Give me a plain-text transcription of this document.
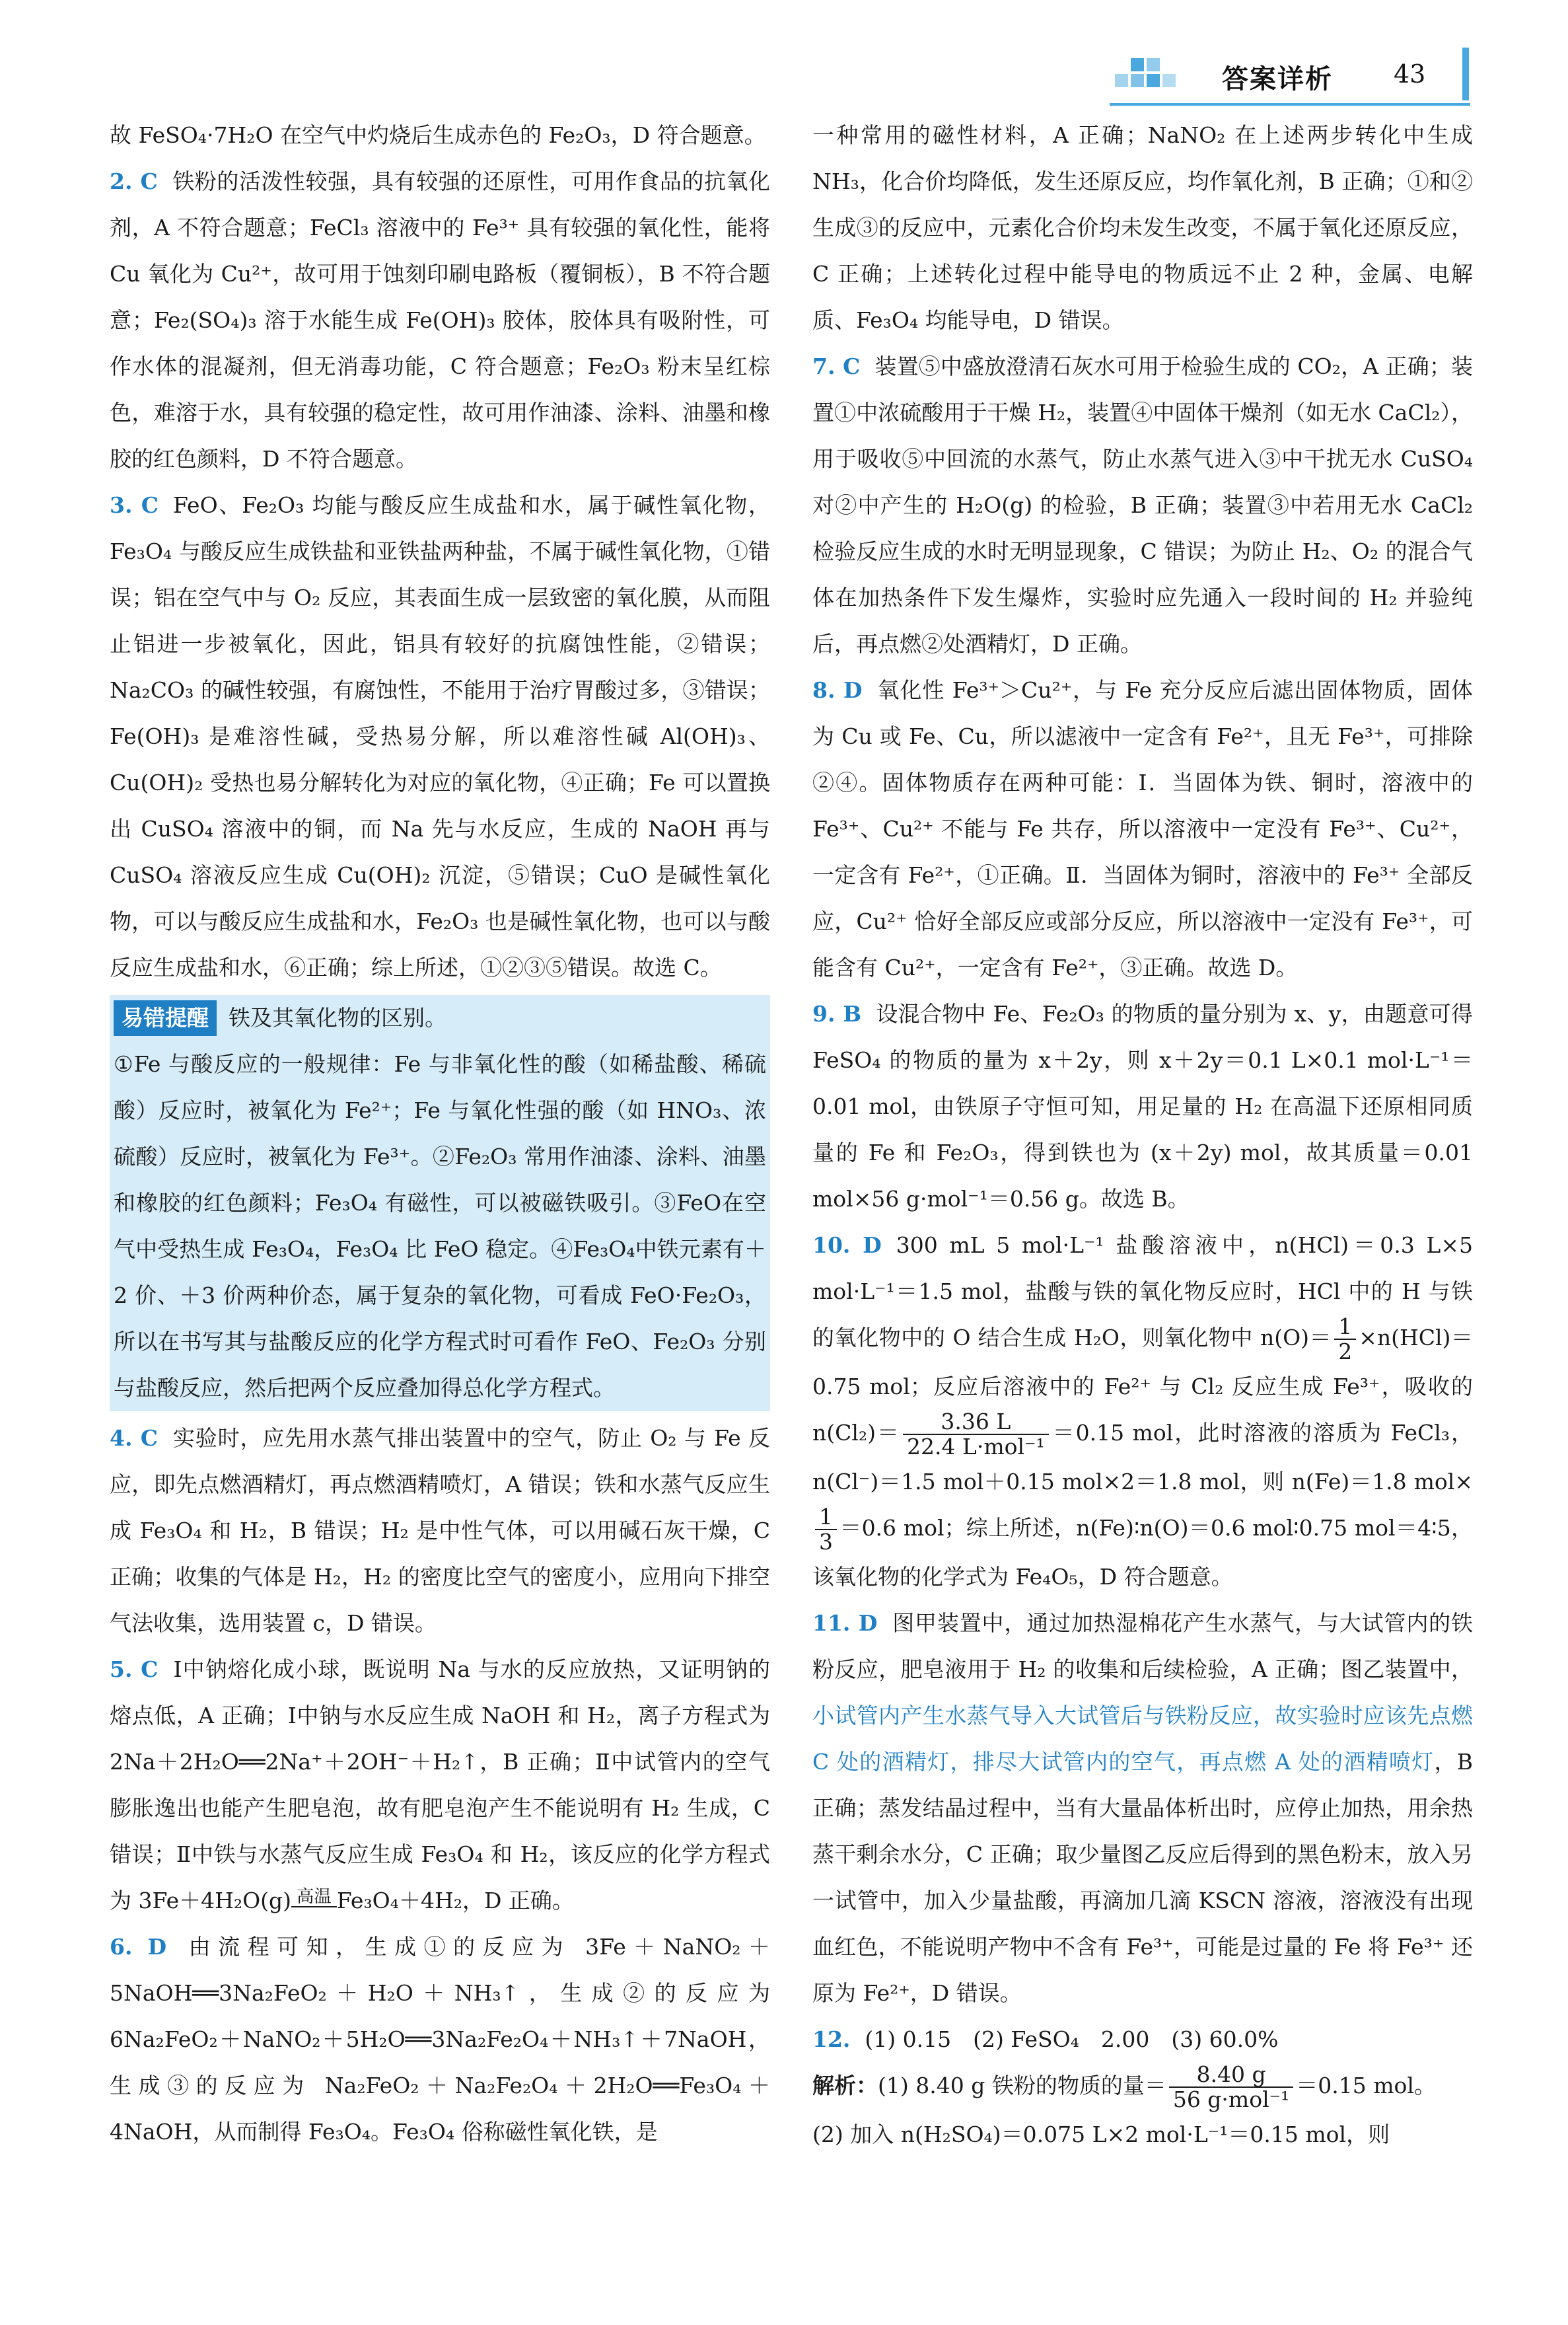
答案详析 43

故 FeSO₄·7H₂O 在空气中灼烧后生成赤色的 Fe₂O₃，D 符合题意。

2. C 铁粉的活泼性较强，具有较强的还原性，可用作食品的抗氧化剂，A 不符合题意；FeCl₃ 溶液中的 Fe³⁺ 具有较强的氧化性，能将 Cu 氧化为 Cu²⁺，故可用于蚀刻印刷电路板（覆铜板），B 不符合题意；Fe₂(SO₄)₃ 溶于水能生成 Fe(OH)₃ 胶体，胶体具有吸附性，可作水体的混凝剂，但无消毒功能，C 符合题意；Fe₂O₃ 粉末呈红棕色，难溶于水，具有较强的稳定性，故可用作油漆、涂料、油墨和橡胶的红色颜料，D 不符合题意。

3. C FeO、Fe₂O₃ 均能与酸反应生成盐和水，属于碱性氧化物，Fe₃O₄ 与酸反应生成铁盐和亚铁盐两种盐，不属于碱性氧化物，①错误；铝在空气中与 O₂ 反应，其表面生成一层致密的氧化膜，从而阻止铝进一步被氧化，因此，铝具有较好的抗腐蚀性能，②错误；Na₂CO₃ 的碱性较强，有腐蚀性，不能用于治疗胃酸过多，③错误；Fe(OH)₃ 是难溶性碱，受热易分解，所以难溶性碱 Al(OH)₃、Cu(OH)₂ 受热也易分解转化为对应的氧化物，④正确；Fe 可以置换出 CuSO₄ 溶液中的铜，而 Na 先与水反应，生成的 NaOH 再与 CuSO₄ 溶液反应生成 Cu(OH)₂ 沉淀，⑤错误；CuO 是碱性氧化物，可以与酸反应生成盐和水，Fe₂O₃ 也是碱性氧化物，也可以与酸反应生成盐和水，⑥正确；综上所述，①②③⑤错误。故选 C。

易错提醒 铁及其氧化物的区别。

①Fe 与酸反应的一般规律：Fe 与非氧化性的酸（如稀盐酸、稀硫酸）反应时，被氧化为 Fe²⁺；Fe 与氧化性强的酸（如 HNO₃、浓硫酸）反应时，被氧化为 Fe³⁺。②Fe₂O₃ 常用作油漆、涂料、油墨和橡胶的红色颜料；Fe₃O₄ 有磁性，可以被磁铁吸引。③FeO在空气中受热生成 Fe₃O₄，Fe₃O₄ 比 FeO 稳定。④Fe₃O₄中铁元素有＋2 价、＋3 价两种价态，属于复杂的氧化物，可看成 FeO·Fe₂O₃，所以在书写其与盐酸反应的化学方程式时可看作 FeO、Fe₂O₃ 分别与盐酸反应，然后把两个反应叠加得总化学方程式。

4. C 实验时，应先用水蒸气排出装置中的空气，防止 O₂ 与 Fe 反应，即先点燃酒精灯，再点燃酒精喷灯，A 错误；铁和水蒸气反应生成 Fe₃O₄ 和 H₂，B 错误；H₂ 是中性气体，可以用碱石灰干燥，C 正确；收集的气体是 H₂，H₂ 的密度比空气的密度小，应用向下排空气法收集，选用装置 c，D 错误。

5. C Ⅰ中钠熔化成小球，既说明 Na 与水的反应放热，又证明钠的熔点低，A 正确；Ⅰ中钠与水反应生成 NaOH 和 H₂，离子方程式为 2Na＋2H₂O══2Na⁺＋2OH⁻＋H₂↑，B 正确；Ⅱ中试管内的空气膨胀逸出也能产生肥皂泡，故有肥皂泡产生不能说明有 H₂ 生成，C 错误；Ⅱ中铁与水蒸气反应生成 Fe₃O₄ 和 H₂，该反应的化学方程式为 3Fe＋4H₂O(g) 高温 Fe₃O₄＋4H₂，D 正确。

6. D 由流程可知，生成①的反应为 3Fe＋NaNO₂＋5NaOH══3Na₂FeO₂＋H₂O＋NH₃↑，生成②的反应为 6Na₂FeO₂＋NaNO₂＋5H₂O══3Na₂Fe₂O₄＋NH₃↑＋7NaOH，生成③的反应为 Na₂FeO₂＋Na₂Fe₂O₄＋2H₂O══Fe₃O₄＋4NaOH，从而制得 Fe₃O₄。Fe₃O₄ 俗称磁性氧化铁，是

一种常用的磁性材料，A 正确；NaNO₂ 在上述两步转化中生成 NH₃，化合价均降低，发生还原反应，均作氧化剂，B 正确；①和②生成③的反应中，元素化合价均未发生改变，不属于氧化还原反应，C 正确；上述转化过程中能导电的物质远不止 2 种，金属、电解质、Fe₃O₄ 均能导电，D 错误。

7. C 装置⑤中盛放澄清石灰水可用于检验生成的 CO₂，A 正确；装置①中浓硫酸用于干燥 H₂，装置④中固体干燥剂（如无水 CaCl₂），用于吸收⑤中回流的水蒸气，防止水蒸气进入③中干扰无水 CuSO₄ 对②中产生的 H₂O(g) 的检验，B 正确；装置③中若用无水 CaCl₂ 检验反应生成的水时无明显现象，C 错误；为防止 H₂、O₂ 的混合气体在加热条件下发生爆炸，实验时应先通入一段时间的 H₂ 并验纯后，再点燃②处酒精灯，D 正确。

8. D 氧化性 Fe³⁺＞Cu²⁺，与 Fe 充分反应后滤出固体物质，固体为 Cu 或 Fe、Cu，所以滤液中一定含有 Fe²⁺，且无 Fe³⁺，可排除②④。固体物质存在两种可能：Ⅰ．当固体为铁、铜时，溶液中的 Fe³⁺、Cu²⁺ 不能与 Fe 共存，所以溶液中一定没有 Fe³⁺、Cu²⁺，一定含有 Fe²⁺，①正确。Ⅱ．当固体为铜时，溶液中的 Fe³⁺ 全部反应，Cu²⁺ 恰好全部反应或部分反应，所以溶液中一定没有 Fe³⁺，可能含有 Cu²⁺，一定含有 Fe²⁺，③正确。故选 D。

9. B 设混合物中 Fe、Fe₂O₃ 的物质的量分别为 x、y，由题意可得 FeSO₄ 的物质的量为 x＋2y，则 x＋2y＝0.1 L×0.1 mol·L⁻¹＝0.01 mol，由铁原子守恒可知，用足量的 H₂ 在高温下还原相同质量的 Fe 和 Fe₂O₃，得到铁也为 (x＋2y) mol，故其质量＝0.01 mol×56 g·mol⁻¹＝0.56 g。故选 B。

10. D 300 mL 5 mol·L⁻¹ 盐酸溶液中，n(HCl)＝0.3 L×5 mol·L⁻¹＝1.5 mol，盐酸与铁的氧化物反应时，HCl 中的 H 与铁的氧化物中的 O 结合生成 H₂O，则氧化物中 $n(O)= \frac{1}{2} \times n(HCl)=0.75$ mol；反应后溶液中的 Fe²⁺ 与 Cl₂ 反应生成 Fe³⁺，吸收的 $n(Cl_2)= \frac{3.36 L}{\text{22.4 L·mol⁻¹}} =0.15$ mol，此时溶液的溶质为 FeCl₃，n(Cl⁻)＝1.5 mol＋0.15 mol×2＝1.8 mol，则 n(Fe)＝1.8 mol×
$\frac{1}{3} =0.6$ mol；综上所述，n(Fe)∶n(O)＝0.6 mol∶0.75 mol＝4∶5，该氧化物的化学式为 Fe₄O₅，D 符合题意。

11. D 图甲装置中，通过加热湿棉花产生水蒸气，与大试管内的铁粉反应，肥皂液用于 H₂ 的收集和后续检验，A 正确；图乙装置中，小试管内产生水蒸气导入大试管后与铁粉反应，故实验时应该先点燃 C 处的酒精灯，排尽大试管内的空气，再点燃 A 处的酒精喷灯，B 正确；蒸发结晶过程中，当有大量晶体析出时，应停止加热，用余热蒸干剩余水分，C 正确；取少量图乙反应后得到的黑色粉末，放入另一试管中，加入少量盐酸，再滴加几滴 KSCN 溶液，溶液没有出现血红色，不能说明产物中不含有 Fe³⁺，可能是过量的 Fe 将 Fe³⁺ 还原为 Fe²⁺，D 错误。

12. (1) 0.15　(2) FeSO₄　2.00　(3) 60.0%

解析：(1) 8.40 g 铁粉的物质的量＝ $\frac{8.40 g}{\text{56 g·mol⁻¹}} =0.15$ mol。

(2) 加入 n(H₂SO₄)＝0.075 L×2 mol·L⁻¹＝0.15 mol，则
